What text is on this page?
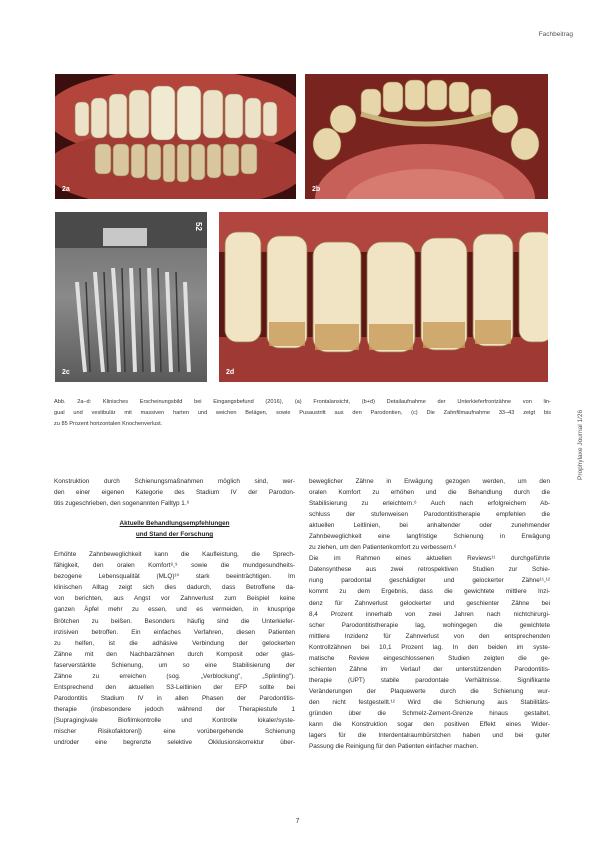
Fachbeitrag
Prophylaxe Journal 1/26
2a	2b
52
2c	2d
Abb. 2a–d: Klinisches Erscheinungsbild bei Eingangsbefund (2016), (a) Frontalansicht, (b+d) Detailaufnahme der Unterkieferfrontzähne von lin-
gual und vestibulär mit massiven harten und weichen Belägen, sowie Pusaustritt aus den Parodontien, (c) Die Zahnfilmaufnahme 33–43 zeigt bis
zu 85 Prozent horizontalen Knochenverlust.

Konstruktion durch Schienungsmaßnahmen möglich sind, wer-
den einer eigenen Kategorie des Stadium IV der Parodon-
titis zugeschrieben, den sogenannten Falltyp 1.⁶

Aktuelle Behandlungsempfehlungen
und Stand der Forschung

Erhöhte Zahnbeweglichkeit kann die Kaufleistung, die Sprech-
fähigkeit, den oralen Komfort⁸,⁹ sowie die mundgesundheits-
bezogene Lebensqualität (MLQ)¹⁰ stark beeinträchtigen. Im
klinischen Alltag zeigt sich dies dadurch, dass Betroffene da-
von berichten, aus Angst vor Zahnverlust zum Beispiel keine
ganzen Äpfel mehr zu essen, und es vermeiden, in knusprige
Brötchen zu beißen. Besonders häufig sind die Unterkiefer-
inzisiven betroffen. Ein einfaches Verfahren, diesen Patienten
zu helfen, ist die adhäsive Verbindung der gelockerten
Zähne mit den Nachbarzähnen durch Komposit oder glas-
faserverstärkte Schienung, um so eine Stabilisierung der
Zähne zu erreichen (sog. „Verblockung", „Splinting").
Entsprechend den aktuellen S3-Leitlinien der EFP sollte bei
Parodontitis Stadium IV in allen Phasen der Parodontitis-
therapie (insbesondere jedoch während der Therapiestufe 1
[Supragingivale Biofilmkontrolle und Kontrolle lokaler/syste-
mischer Risikofaktoren]) eine vorübergehende Schienung
und/oder eine begrenzte selektive Okklusionskorrektur über-

beweglicher Zähne in Erwägung gezogen werden, um den
oralen Komfort zu erhöhen und die Behandlung durch die
Stabilisierung zu erleichtern.⁶ Auch nach erfolgreichem Ab-
schluss der stufenweisen Parodontitistherapie empfehlen die
aktuellen Leitlinien, bei anhaltender oder zunehmender
Zahnbeweglichkeit eine langfristige Schienung in Erwägung
zu ziehen, um den Patientenkomfort zu verbessern.⁶
Die im Rahmen eines aktuellen Reviews¹¹ durchgeführte
Datensynthese aus zwei retrospektiven Studien zur Schie-
nung parodontal geschädigter und gelockerter Zähne¹¹,¹²
kommt zu dem Ergebnis, dass die gewichtete mittlere Inzi-
denz für Zahnverlust gelockerter und geschienter Zähne bei
8,4 Prozent innerhalb von zwei Jahren nach nichtchirurgi-
scher Parodontitistherapie lag, wohingegen die gewichtete
mittlere Inzidenz für Zahnverlust von den entsprechenden
Kontrollzähnen bei 10,1 Prozent lag. In den beiden im syste-
matische Review eingeschlossenen Studien zeigten die ge-
schienten Zähne im Verlauf der unterstützenden Parodontitis-
therapie (UPT) stabile parodontale Verhältnisse. Signifikante
Veränderungen der Plaquewerte durch die Schienung wur-
den nicht festgestellt.¹² Wird die Schienung aus Stabilitäts-
gründen über die Schmelz-Zement-Grenze hinaus gestaltet,
kann die Konstruktion sogar den positiven Effekt eines Wider-
lagers für die Interdentalraumbürstchen haben und bei guter
Passung die Reinigung für den Patienten einfacher machen.

7
